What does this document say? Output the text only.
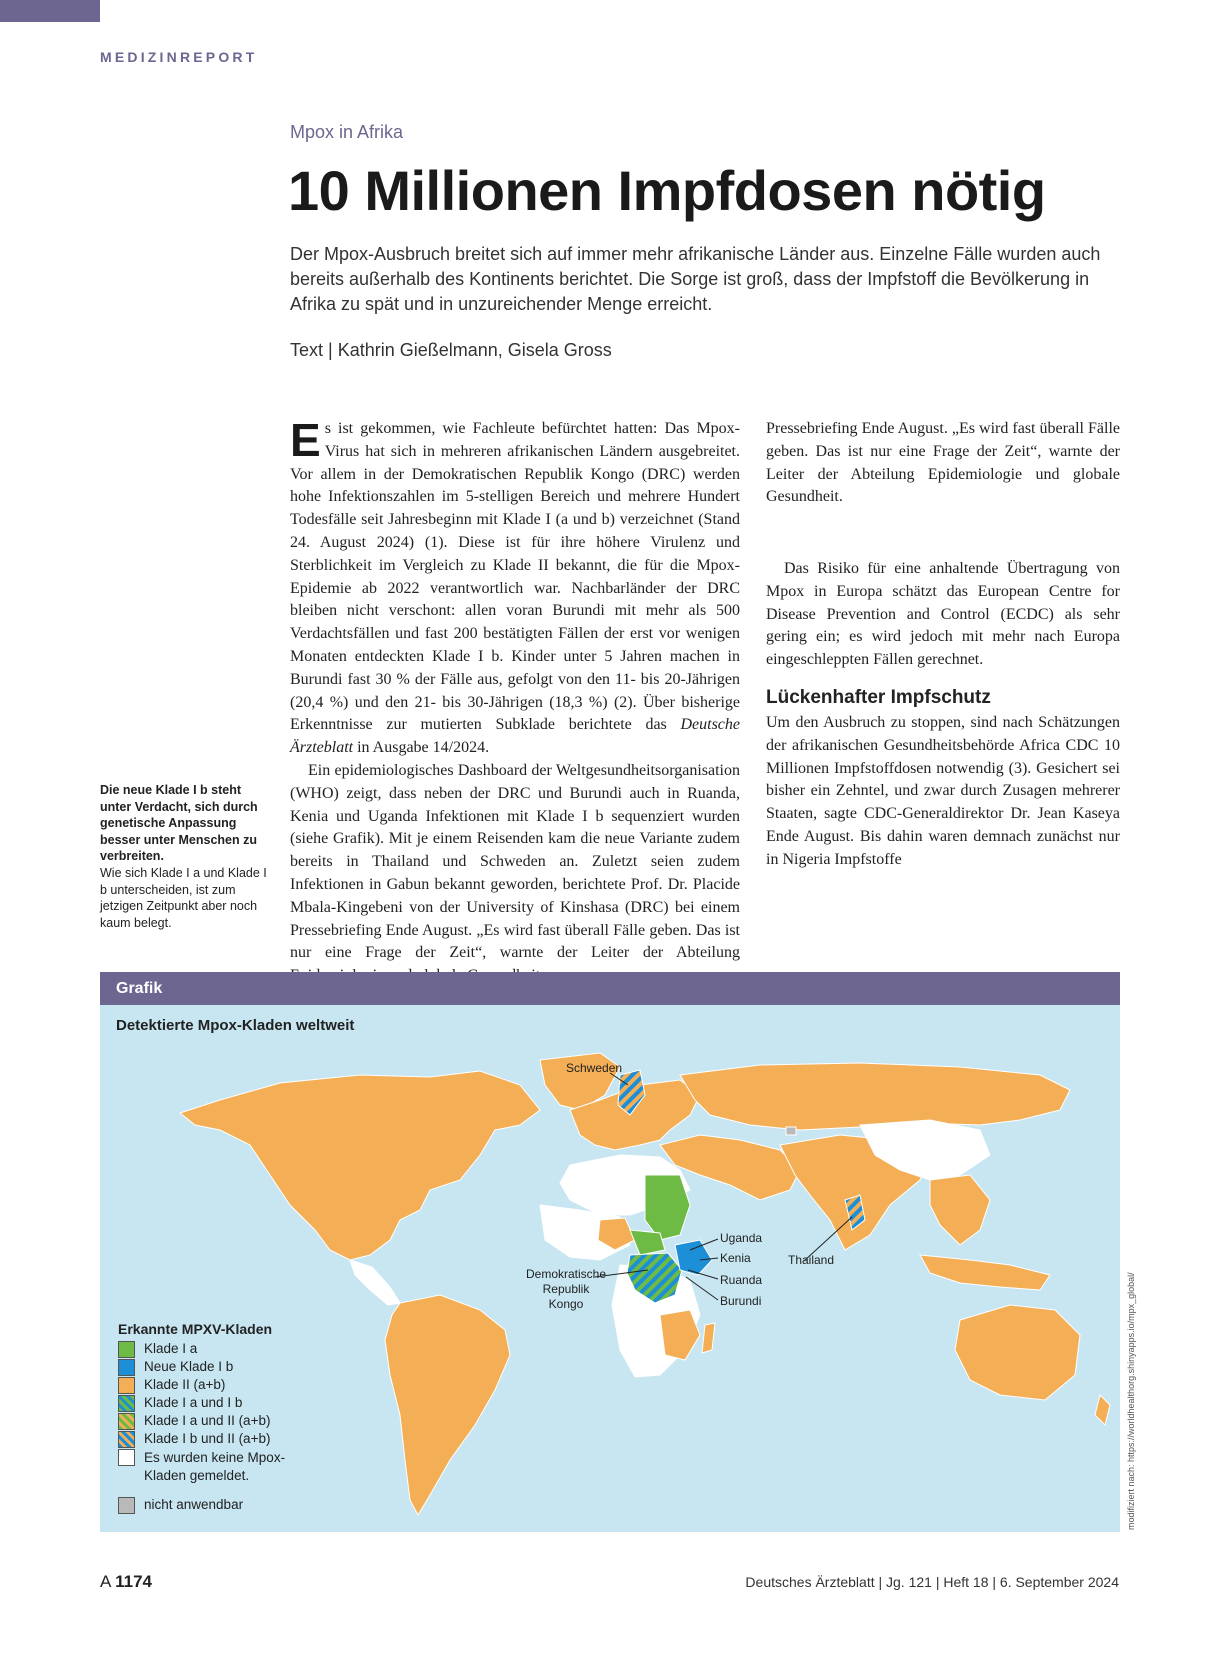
MEDIZINREPORT
Mpox in Afrika
10 Millionen Impfdosen nötig

Der Mpox-Ausbruch breitet sich auf immer mehr afrikanische Länder aus. Einzelne Fälle wurden auch bereits außerhalb des Kontinents berichtet. Die Sorge ist groß, dass der Impfstoff die Bevölkerung in Afrika zu spät und in unzureichender Menge erreicht.

Text | Kathrin Gießelmann, Gisela Gross
Die neue Klade I b steht unter Verdacht, sich durch genetische Anpassung besser unter Menschen zu verbreiten.
Wie sich Klade I a und Klade I b unterscheiden, ist zum jetzigen Zeitpunkt aber noch kaum belegt.

Es ist gekommen, wie Fachleute befürchtet hatten: Das Mpox-Virus hat sich in mehreren afrikanischen Ländern ausgebreitet. Vor allem in der Demokratischen Republik Kongo (DRC) werden hohe Infektionszahlen im 5-stelligen Bereich und mehrere Hundert Todesfälle seit Jahresbeginn mit Klade I (a und b) verzeichnet (Stand 24. August 2024) (1). Diese ist für ihre höhere Virulenz und Sterblichkeit im Vergleich zu Klade II bekannt, die für die Mpox-Epidemie ab 2022 verantwortlich war. Nachbarländer der DRC bleiben nicht verschont: allen voran Burundi mit mehr als 500 Verdachtsfällen und fast 200 bestätigten Fällen der erst vor wenigen Monaten entdeckten Klade I b. Kinder unter 5 Jahren machen in Burundi fast 30 % der Fälle aus, gefolgt von den 11- bis 20-Jährigen (20,4 %) und den 21- bis 30-Jährigen (18,3 %) (2). Über bisherige Erkenntnisse zur mutierten Subklade berichtete das Deutsche Ärzteblatt in Ausgabe 14/2024.

Ein epidemiologisches Dashboard der Weltgesundheitsorganisation (WHO) zeigt, dass neben der DRC und Burundi auch in Ruanda, Kenia und Uganda Infektionen mit Klade I b sequenziert wurden (siehe Grafik). Mit je einem Reisenden kam die neue Variante zudem bereits in Thailand und Schweden an. Zuletzt seien zudem Infektionen in Gabun bekannt geworden, berichtete Prof. Dr. Placide Mbala-Kingebeni von der University of Kinshasa (DRC) bei einem Pressebriefing Ende August. „Es wird fast überall Fälle geben. Das ist nur eine Frage der Zeit“, warnte der Leiter der Abteilung

Pressebriefing Ende August. „Es wird fast überall Fälle geben. Das ist nur eine Frage der Zeit“, warnte der Leiter der Abteilung Epidemiologie und globale Gesundheit.

Das Risiko für eine anhaltende Übertragung von Mpox in Europa schätzt das European Centre for Disease Prevention and Control (ECDC) als sehr gering ein; es wird jedoch mit mehr nach Europa eingeschleppten Fällen gerechnet.

Lückenhafter Impfschutz

Um den Ausbruch zu stoppen, sind nach Schätzungen der afrikanischen Gesundheitsbehörde Africa CDC 10 Millionen Impfstoffdosen notwendig (3). Gesichert sei bisher ein Zehntel, und zwar durch Zusagen mehrerer Staaten, sagte CDC-Generaldirektor Dr. Jean Kaseya Ende August. Bis dahin waren demnach zunächst nur in Nigeria Impfstoffe

Grafik
Detektierte Mpox-Kladen weltweit
Schweden
Uganda
Kenia
Ruanda
Burundi
Thailand
Demokratische Republik Kongo
Erkannte MPXV-Kladen
Klade I a
Neue Klade I b
Klade II (a+b)
Klade I a und I b
Klade I a und II (a+b)
Klade I b und II (a+b)
Es wurden keine Mpox-Kladen gemeldet.
nicht anwendbar	modifiziert nach: https://worldhealthorg.shinyapps.io/mpx_global/
A 1174	Deutsches Ärzteblatt | Jg. 121 | Heft 18 | 6. September 2024
